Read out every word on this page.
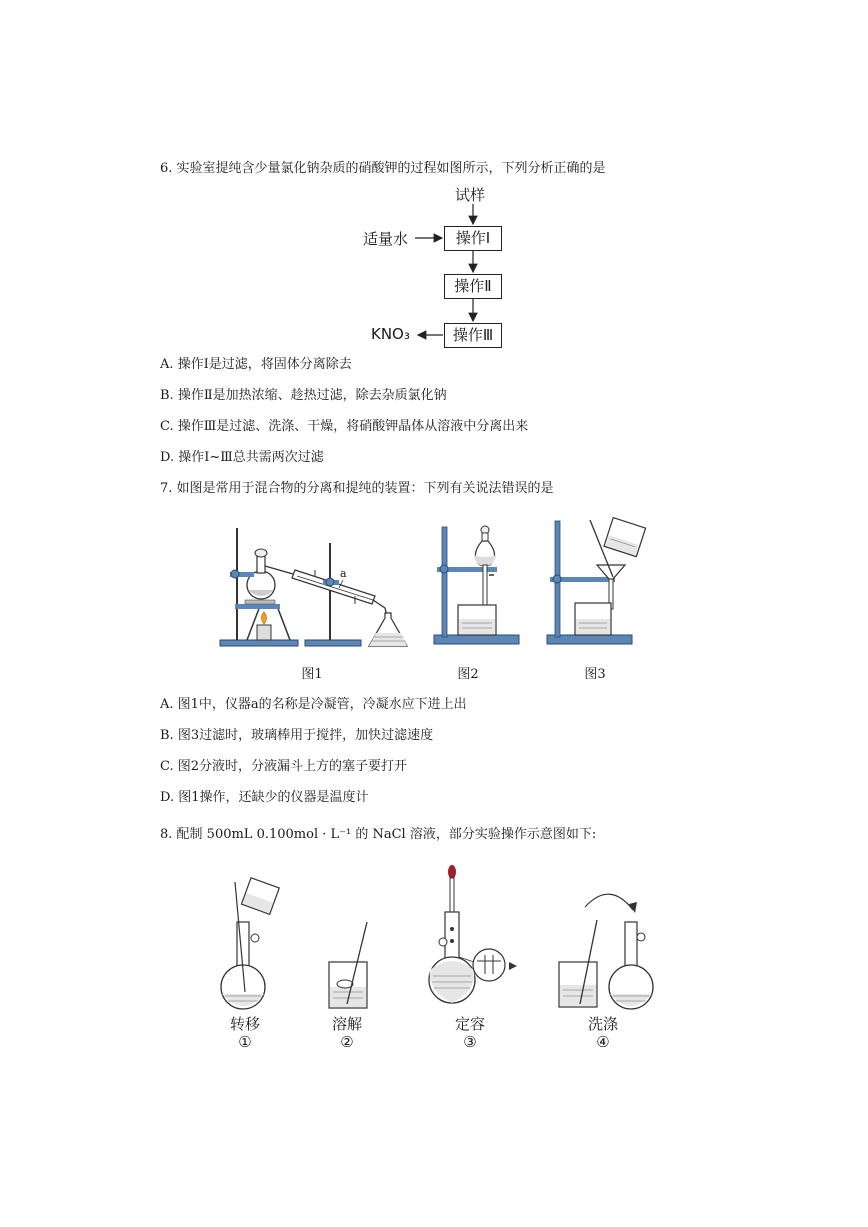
6. 实验室提纯含少量氯化钠杂质的硝酸钾的过程如图所示，下列分析正确的是
试样
适量水	操作Ⅰ
操作Ⅱ
操作Ⅲ
KNO₃
A. 操作Ⅰ是过滤，将固体分离除去
B. 操作Ⅱ是加热浓缩、趁热过滤，除去杂质氯化钠
C. 操作Ⅲ是过滤、洗涤、干燥，将硝酸钾晶体从溶液中分离出来
D. 操作Ⅰ~Ⅲ总共需两次过滤
7. 如图是常用于混合物的分离和提纯的装置：下列有关说法错误的是
a
图1	图2	图3
A. 图1中，仪器a的名称是冷凝管，冷凝水应下进上出
B. 图3过滤时，玻璃棒用于搅拌，加快过滤速度
C. 图2分液时，分液漏斗上方的塞子要打开
D. 图1操作，还缺少的仪器是温度计
8. 配制 500mL 0.100mol · L⁻¹ 的 NaCl 溶液，部分实验操作示意图如下:
转移
①
溶解
②
定容
③
洗涤
④
